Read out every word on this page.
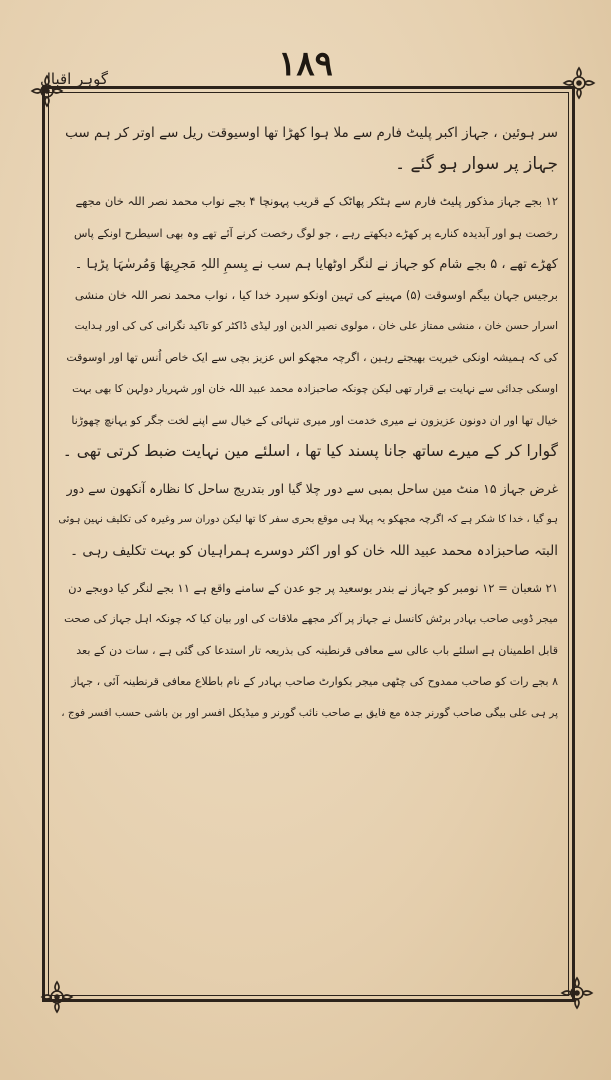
۱۸۹
گوہر اقبال
سر ہوئین ، جہاز اکبر پلیٹ فارم سے ملا ہوا کھڑا تھا اوسیوقت ریل سے اوتر کر ہم سب
جہاز پر سوار ہو گئے ۔
۱۲ بجے جہاز مذکور پلیٹ فارم سے ہٹکر پھاٹک کے قریب پہونچا ۴ بجے نواب محمد نصر اللہ خان مجھے
رخصت ہو اور آبدیدہ کنارے پر کھڑے دیکھتے رہے ، جو لوگ رخصت کرنے آئے تھے وہ بھی اسیطرح اونکے پاس
کھڑے تھے ، ۵ بجے شام کو جہاز نے لنگر اوٹھایا ہم سب نے بِسمِ اللہِ مَجرِیھَا وَمُرسٰہَا پڑہا ۔
برجیس جہان بیگم اوسوقت (۵) مہینے کی تہین اونکو سپرد خدا کیا ، نواب محمد نصر اللہ خان منشی
اسرار حسن خان ، منشی ممتاز علی خان ، مولوی نصیر الدین اور لیڈی ڈاکٹر کو تاکید نگرانی کی کی اور ہدایت
کی کہ ہمیشہ اونکی خیریت بھیجتے رہین ، اگرچہ مجھکو اس عزیز بچی سے ایک خاص اُنس تھا اور اوسوقت
اوسکی جدائی سے نہایت بے قرار تھی لیکن چونکہ صاحبزادہ محمد عبید اللہ خان اور شہریار دولہن کا بھی بہت
خیال تھا اور ان دونون عزیزون نے میری خدمت اور میری تنہائی کے خیال سے اپنے لخت جگر کو یہانچ چھوڑنا
گوارا کر کے میرے ساتھ جانا پسند کیا تھا ، اسلئے مین نہایت ضبط کرتی تھی ۔
غرض جہاز ۱۵ منٹ مین ساحل بمبی سے دور چلا گیا اور بتدریج ساحل کا نظارہ آنکھون سے دور
ہو گیا ، خدا کا شکر ہے کہ اگرچہ مجھکو یہ پہلا ہی موقع بحری سفر کا تھا لیکن دوران سر وغیرہ کی تکلیف نہین ہوئی
البتہ صاحبزادہ محمد عبید اللہ خان کو اور اکثر دوسرے ہمراہیان کو بہت تکلیف رہی ۔
۲۱ شعبان = ۱۲ نومبر کو جہاز نے بندر بوسعید پر جو عدن کے سامنے واقع ہے ۱۱ بجے لنگر کیا دوبجے دن
میجر ڈوبی صاحب بہادر برٹش کانسل نے جہاز پر آکر مجھے ملاقات کی اور بیان کیا کہ چونکہ اہل جہاز کی صحت
قابل اطمینان ہے اسلئے باب عالی سے معافی قرنطینہ کی بذریعہ تار استدعا کی گئی ہے ، سات دن کے بعد
۸ بجے رات کو صاحب ممدوح کی چٹھی میجر بکوارٹ صاحب بہادر کے نام باطلاع معافی قرنطینہ آئی ، جہاز
پر ہی علی بیگی صاحب گورنر جدہ مع فایق بے صاحب نائب گورنر و میڈیکل افسر اور بن باشی حسب افسر فوج ،
